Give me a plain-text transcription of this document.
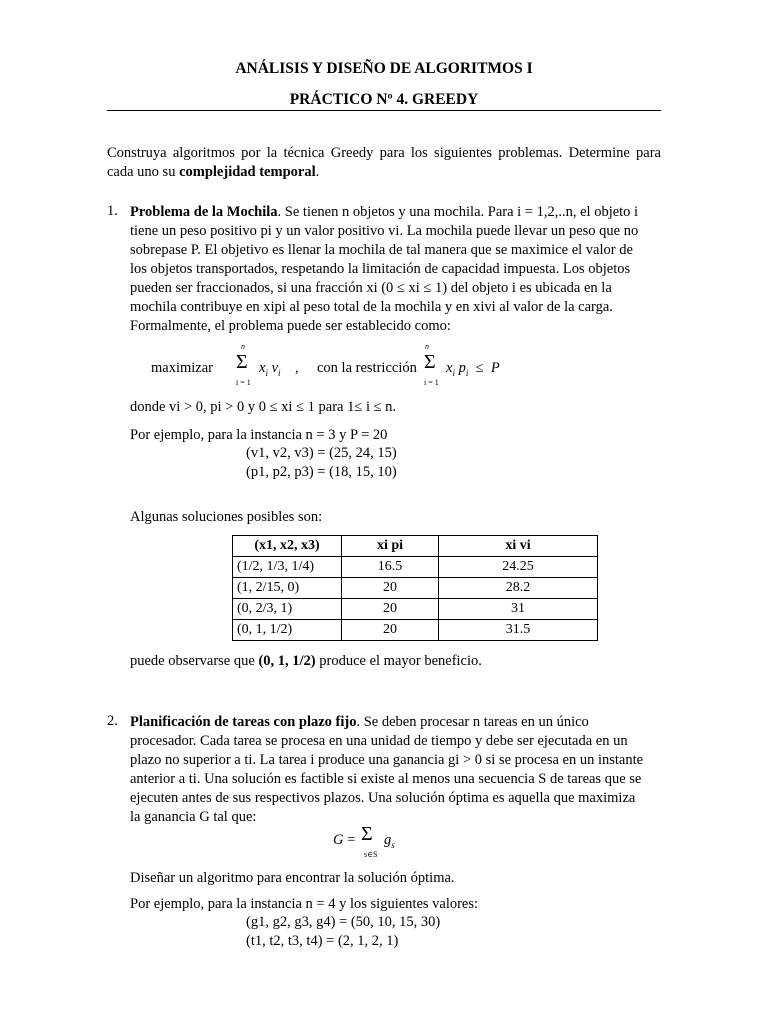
ANÁLISIS Y DISEÑO DE ALGORITMOS I
PRÁCTICO Nº 4. GREEDY
Construya algoritmos por la técnica Greedy para los siguientes problemas. Determine para cada uno su complejidad temporal.
1. Problema de la Mochila. Se tienen n objetos y una mochila. Para i = 1,2,..n, el objeto i
tiene un peso positivo pi y un valor positivo vi. La mochila puede llevar un peso que no
sobrepase P. El objetivo es llenar la mochila de tal manera que se maximice el valor de
los objetos transportados, respetando la limitación de capacidad impuesta. Los objetos
pueden ser fraccionados, si una fracción xi (0 ≤ xi ≤ 1) del objeto i es ubicada en la
mochila contribuye en xipi al peso total de la mochila y en xivi al valor de la carga.
Formalmente, el problema puede ser establecido como:
n	n
maximizar Σ $x_i$ $v_i$    , con la restricción Σ $x_i$ $p_i \le P$
i = 1	i = 1
donde vi > 0, pi > 0 y 0 ≤ xi ≤ 1 para 1≤ i ≤ n.
Por ejemplo, para la instancia n = 3 y P = 20
(v1, v2, v3) = (25, 24, 15)
(p1, p2, p3) = (18, 15, 10)
Algunas soluciones posibles son:
(x1, x2, x3)	xi pi	xi vi
(1/2, 1/3, 1/4)	16.5	24.25
(1, 2/15, 0)	20	28.2
(0, 2/3, 1)	20	31
(0, 1, 1/2)	20	31.5
puede observarse que (0, 1, 1/2) produce el mayor beneficio.
2. Planificación de tareas con plazo fijo. Se deben procesar n tareas en un único
procesador. Cada tarea se procesa en una unidad de tiempo y debe ser ejecutada en un
plazo no superior a ti. La tarea i produce una ganancia gi > 0 si se procesa en un instante
anterior a ti. Una solución es factible si existe al menos una secuencia S de tareas que se
ejecuten antes de sus respectivos plazos. Una solución óptima es aquella que maximiza
la ganancia G tal que:
G = Σ $g_s$
s∈S
Diseñar un algoritmo para encontrar la solución óptima.
Por ejemplo, para la instancia n = 4 y los siguientes valores:
(g1, g2, g3, g4) = (50, 10, 15, 30)
(t1, t2, t3, t4) = (2, 1, 2, 1)
